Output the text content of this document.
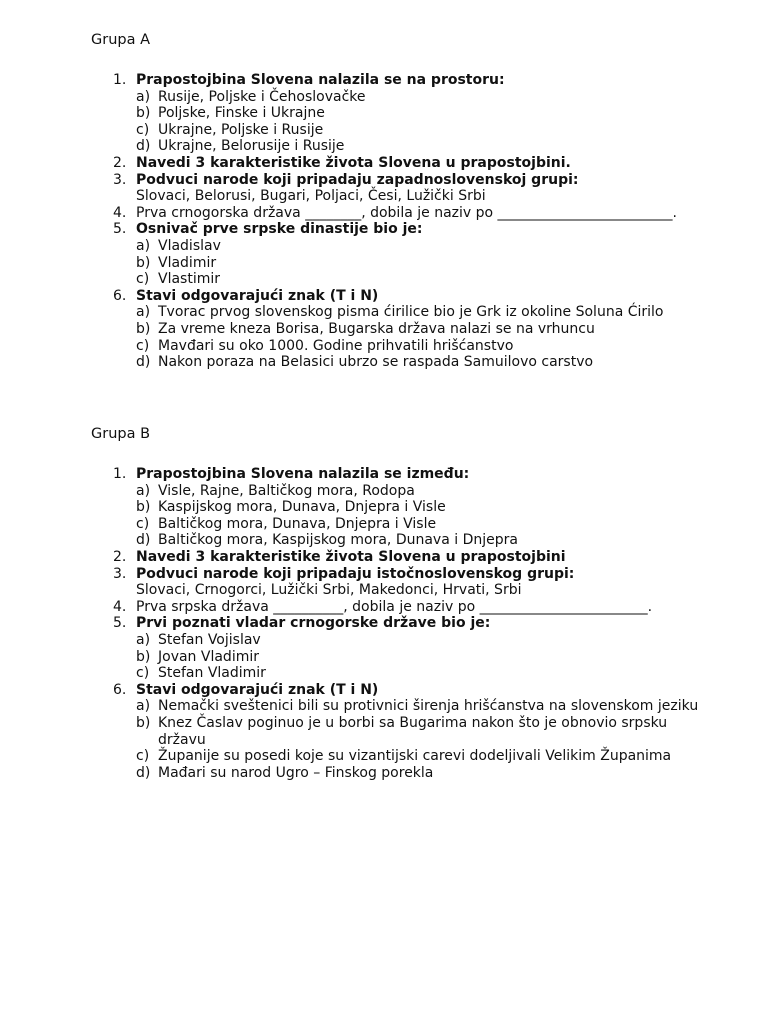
Grupa A
1. Prapostojbina Slovena nalazila se na prostoru:
a) Rusije, Poljske i Čehoslovačke
b) Poljske, Finske i Ukrajne
c) Ukrajne, Poljske i Rusije
d) Ukrajne, Belorusije i Rusije
2. Navedi 3 karakteristike života Slovena u prapostojbini.
3. Podvuci narode koji pripadaju zapadnoslovenskoj grupi:
Slovaci, Belorusi, Bugari, Poljaci, Česi, Lužički Srbi
4. Prva crnogorska država ________, dobila je naziv po _________________________.
5. Osnivač prve srpske dinastije bio je:
a) Vladislav
b) Vladimir
c) Vlastimir
6. Stavi odgovarajući znak (T i N)
a) Tvorac prvog slovenskog pisma ćirilice bio je Grk iz okoline Soluna Ćirilo
b) Za vreme kneza Borisa, Bugarska država nalazi se na vrhuncu
c) Mavđari su oko 1000. Godine prihvatili hrišćanstvo
d) Nakon poraza na Belasici ubrzo se raspada Samuilovo carstvo
Grupa B
1. Prapostojbina Slovena nalazila se između:
a) Visle, Rajne, Baltičkog mora, Rodopa
b) Kaspijskog mora, Dunava, Dnjepra i Visle
c) Baltičkog mora, Dunava, Dnjepra i Visle
d) Baltičkog mora, Kaspijskog mora, Dunava i Dnjepra
2. Navedi 3 karakteristike života Slovena u prapostojbini
3. Podvuci narode koji pripadaju istočnoslovenskog grupi:
Slovaci, Crnogorci, Lužički Srbi, Makedonci, Hrvati, Srbi
4. Prva srpska država __________, dobila je naziv po ________________________.
5. Prvi poznati vladar crnogorske države bio je:
a) Stefan Vojislav
b) Jovan Vladimir
c) Stefan Vladimir
6. Stavi odgovarajući znak (T i N)
a) Nemački sveštenici bili su protivnici širenja hrišćanstva na slovenskom jeziku
b) Knez Časlav poginuo je u borbi sa Bugarima nakon što je obnovio srpsku državu
c) Županije su posedi koje su vizantijski carevi dodeljivali Velikim Županima
d) Mađari su narod Ugro – Finskog porekla
